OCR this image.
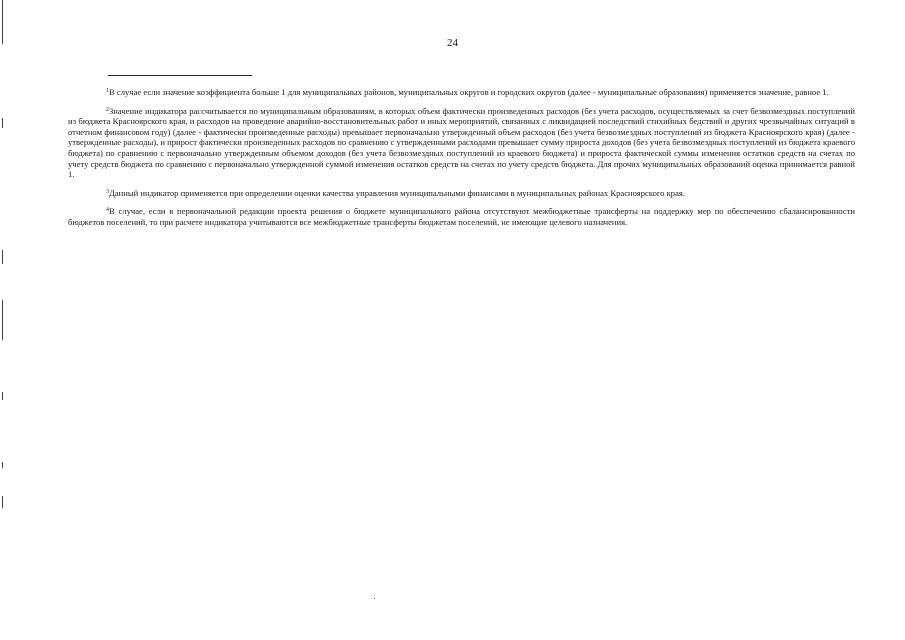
24

$^1$В случае если значение коэффициента больше 1 для муниципальных районов, муниципальных округов и городских округов (далее - муниципальные образования) применяется значение, равное 1.

$^2$Значение индикатора рассчитывается по муниципальным образованиям, в которых объем фактически произведенных расходов (без учета расходов, осуществляемых за счет безвозмездных поступлений из бюджета Красноярского края, и расходов на проведение аварийно-восстановительных работ и иных мероприятий, связанных с ликвидацией последствий стихийных бедствий и других чрезвычайных ситуаций в отчетном финансовом году) (далее - фактически произведенные расходы) превышает первоначально утвержденный объем расходов (без учета безвозмездных поступлений из бюджета Красноярского края) (далее - утвержденные расходы), и прирост фактически произведенных расходов по сравнению с утвержденными расходами превышает сумму прироста доходов (без учета безвозмездных поступлений из бюджета краевого бюджета) по сравнению с первоначально утвержденным объемом доходов (без учета безвозмездных поступлений из краевого бюджета) и прироста фактической суммы изменения остатков средств на счетах по учету средств бюджета по сравнению с первоначально утвержденной суммой изменения остатков средств на счетах по учету средств бюджета. Для прочих муниципальных образований оценка принимается равной 1.

$^3$Данный индикатор применяется при определении оценки качества управления муниципальными финансами в муниципальных районах Красноярского края.

$^4$В случае, если в первоначальной редакции проекта решения о бюджете муниципального района отсутствуют межбюджетные трансферты на поддержку мер по обеспечению сбалансированности бюджетов поселений, то при расчете индикатора учитываются все межбюджетные трансферты бюджетам поселений, не имеющие целевого назначения.
